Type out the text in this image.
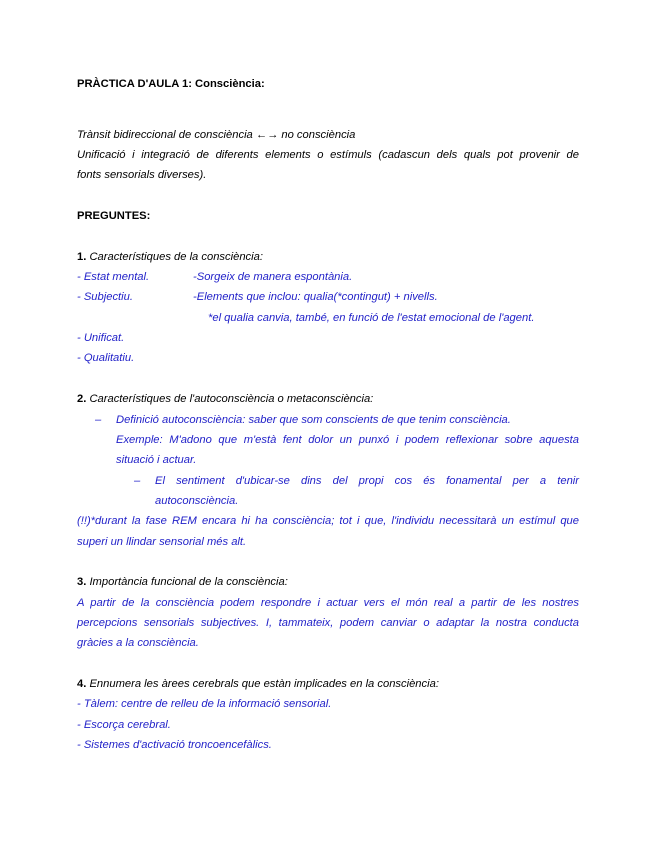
PRÀCTICA D'AULA 1: Consciència:
Trànsit bidireccional de consciència ←→ no consciència
Unificació i integració de diferents elements o estímuls (cadascun dels quals pot provenir de
fonts sensorials diverses).
PREGUNTES:
1. Característiques de la consciència:
- Estat mental.	-Sorgeix de manera espontània.
- Subjectiu.	-Elements que inclou: qualia(*contingut) + nivells.
*el qualia canvia, també, en funció de l'estat emocional de l'agent.
- Unificat.
- Qualitatiu.
2. Característiques de l'autoconsciència o metaconsciència:
– Definició autoconsciència: saber que som conscients de que tenim consciència.
Exemple: M'adono que m'està fent dolor un punxó i podem reflexionar sobre aquesta
situació i actuar.
– El sentiment d'ubicar-se dins del propi cos és fonamental per a tenir
autoconsciència.
(!!)*durant la fase REM encara hi ha consciència; tot i que, l'individu necessitarà un estímul que
superi un llindar sensorial més alt.
3. Importància funcional de la consciència:
A partir de la consciència podem respondre i actuar vers el món real a partir de les nostres
percepcions sensorials subjectives. I, tammateix, podem canviar o adaptar la nostra conducta
gràcies a la consciència.
4. Ennumera les àrees cerebrals que estàn implicades en la consciència:
- Tàlem: centre de relleu de la informació sensorial.
- Escorça cerebral.
- Sistemes d'activació troncoencefàlics.
